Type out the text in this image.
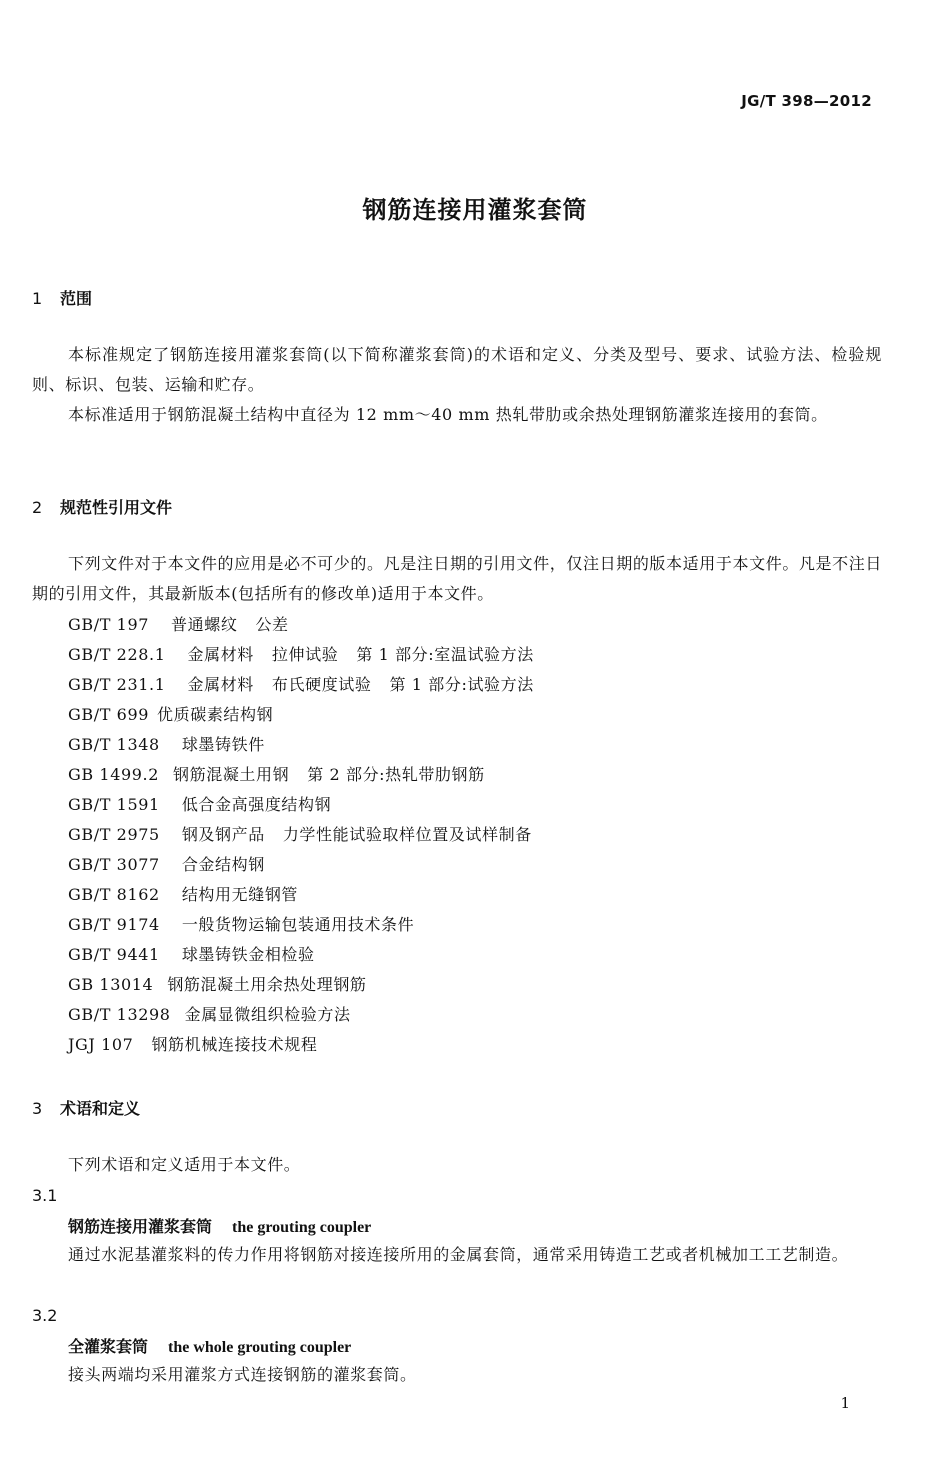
JG/T 398—2012
钢筋连接用灌浆套筒
1 范围
本标准规定了钢筋连接用灌浆套筒(以下简称灌浆套筒)的术语和定义、分类及型号、要求、试验方法、检验规则、标识、包装、运输和贮存。
本标准适用于钢筋混凝土结构中直径为 12 mm～40 mm 热轧带肋或余热处理钢筋灌浆连接用的套筒。
2 规范性引用文件
下列文件对于本文件的应用是必不可少的。凡是注日期的引用文件，仅注日期的版本适用于本文件。凡是不注日期的引用文件，其最新版本(包括所有的修改单)适用于本文件。
GB/T 197 普通螺纹 公差
GB/T 228.1 金属材料 拉伸试验 第 1 部分:室温试验方法
GB/T 231.1 金属材料 布氏硬度试验 第 1 部分:试验方法
GB/T 699 优质碳素结构钢
GB/T 1348 球墨铸铁件
GB 1499.2 钢筋混凝土用钢 第 2 部分:热轧带肋钢筋
GB/T 1591 低合金高强度结构钢
GB/T 2975 钢及钢产品 力学性能试验取样位置及试样制备
GB/T 3077 合金结构钢
GB/T 8162 结构用无缝钢管
GB/T 9174 一般货物运输包装通用技术条件
GB/T 9441 球墨铸铁金相检验
GB 13014 钢筋混凝土用余热处理钢筋
GB/T 13298 金属显微组织检验方法
JGJ 107 钢筋机械连接技术规程
3 术语和定义
下列术语和定义适用于本文件。
3.1
钢筋连接用灌浆套筒 the grouting coupler
通过水泥基灌浆料的传力作用将钢筋对接连接所用的金属套筒，通常采用铸造工艺或者机械加工工艺制造。
3.2
全灌浆套筒 the whole grouting coupler
接头两端均采用灌浆方式连接钢筋的灌浆套筒。
1
